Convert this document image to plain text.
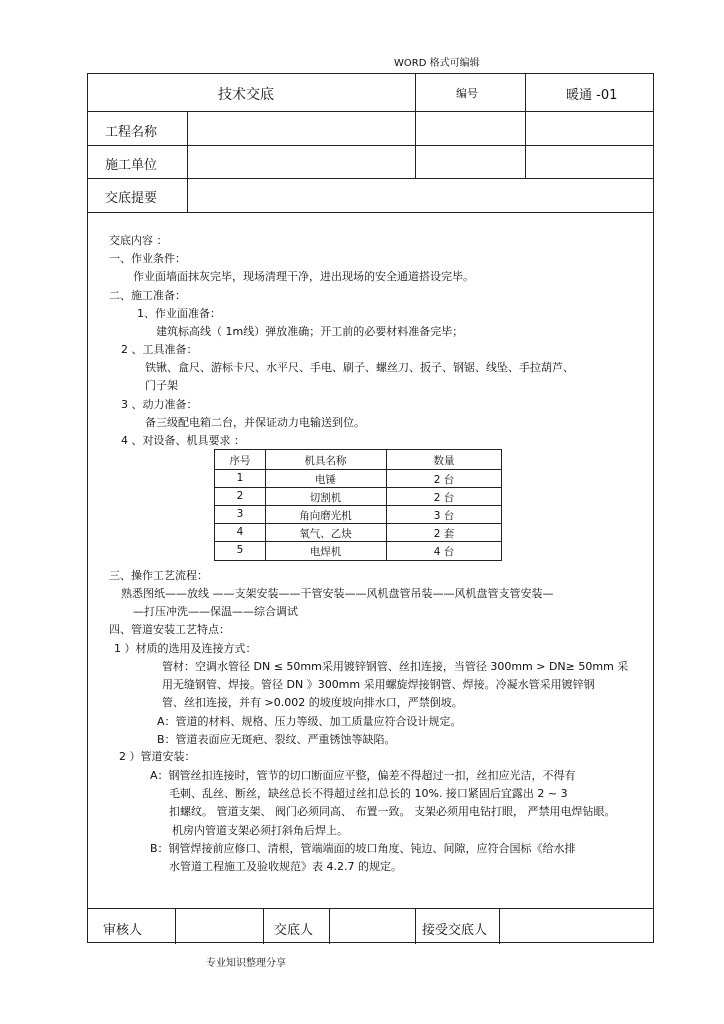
WORD 格式可编辑
技术交底	编号	暖通 -01
工程名称
施工单位
交底提要
审核人	交底人	接受交底人
交底内容 ：
一、作业条件：
作业面墙面抹灰完毕，现场清理干净，进出现场的安全通道搭设完毕。
二、施工准备：
1、作业面准备：
建筑标高线（ 1m线）弹放准确；开工前的必要材料准备完毕；
2 、工具准备：
铁锹、盒尺、游标卡尺、水平尺、手电、刷子、螺丝刀、扳子、钢锯、线坠、手拉葫芦、
门子架
3 、动力准备：
备三级配电箱二台，并保证动力电输送到位。
4 、对设备、机具要求 ：
序号	机具名称	数量
1	电锤	2 台
2	切割机	2 台
3	角向磨光机	3 台
4	氧气、乙炔	2 套
5	电焊机	4 台
三、操作工艺流程：
熟悉图纸——放线 ——支架安装——干管安装——风机盘管吊装——风机盘管支管安装—
—打压冲洗——保温——综合调试
四、管道安装工艺特点：
1 ）材质的选用及连接方式：
管材：空调水管径 DN ≤ 50mm采用镀锌钢管、丝扣连接，当管径 300mm > DN≥ 50mm 采
用无缝钢管、焊接。管径 DN 》300mm 采用螺旋焊接钢管、焊接。冷凝水管采用镀锌钢
管、丝扣连接，并有 >0.002 的坡度坡向排水口，严禁倒坡。
A：管道的材料、规格、压力等级、加工质量应符合设计规定。
B：管道表面应无斑疤、裂纹、严重锈蚀等缺陷。
2 ）管道安装：
A：钢管丝扣连接时，管节的切口断面应平整，偏差不得超过一扣，丝扣应光洁，不得有
毛刺、乱丝、断丝，缺丝总长不得超过丝扣总长的 10%. 接口紧固后宜露出 2 ~ 3
扣螺纹。 管道支架、 阀门必须同高、 布置一致。 支架必须用电钻打眼， 严禁用电焊钻眼。
机房内管道支架必须打斜角后焊上。
B：钢管焊接前应修口、清根，管端端面的坡口角度、钝边、间隙，应符合国标《给水排
水管道工程施工及验收规范》表 4.2.7 的规定。
专业知识整理分享
